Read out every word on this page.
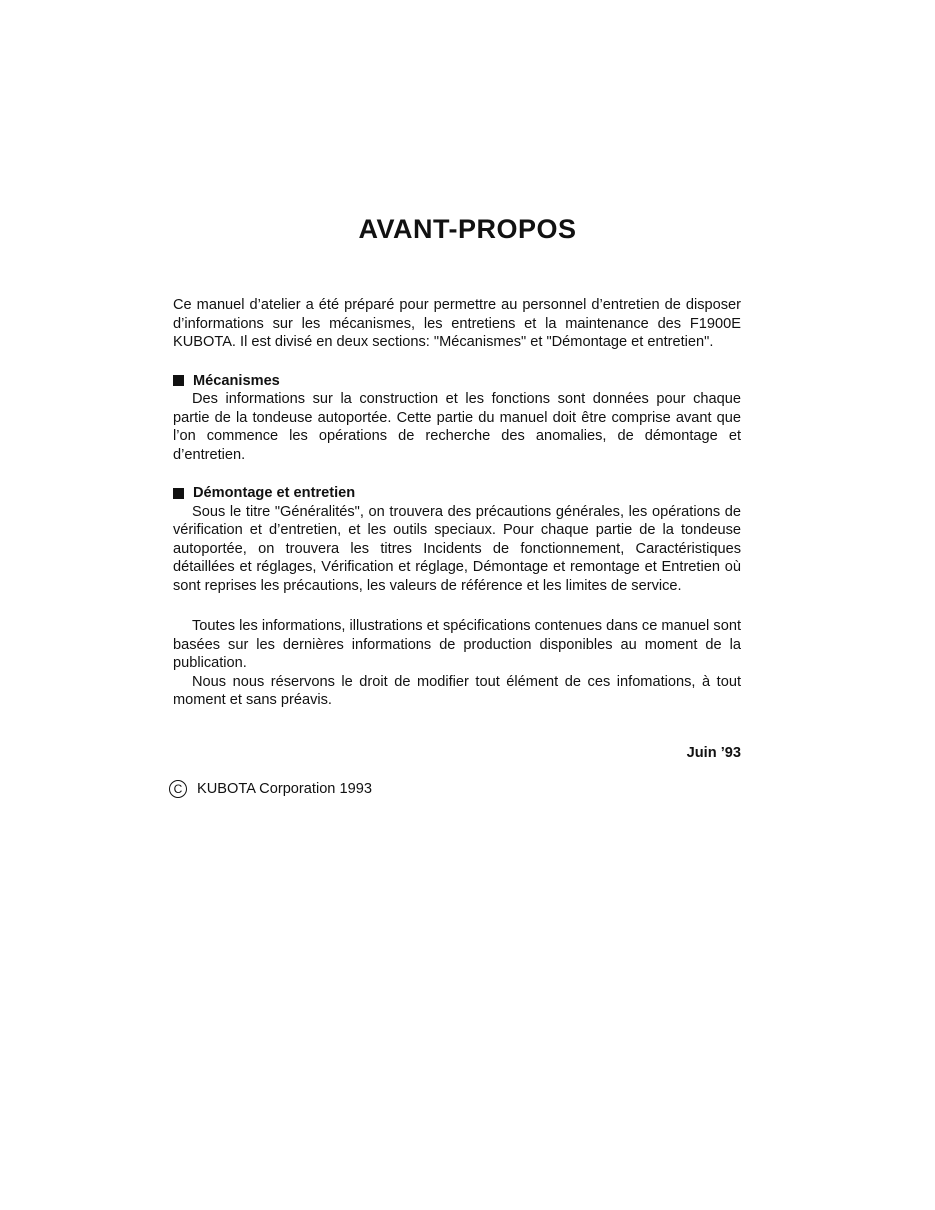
AVANT-PROPOS

Ce manuel d’atelier a été préparé pour permettre au personnel d’entretien de disposer d’informations sur les mécanismes, les entretiens et la maintenance des F1900E KUBOTA. Il est divisé en deux sections: "Mécanismes" et "Démontage et entretien".

Mécanismes

Des informations sur la construction et les fonctions sont données pour chaque partie de la tondeuse autoportée. Cette partie du manuel doit être comprise avant que l’on commence les opérations de recherche des anomalies, de démontage et d’entretien.

Démontage et entretien

Sous le titre "Généralités", on trouvera des précautions générales, les opérations de vérification et d’entretien, et les outils speciaux. Pour chaque partie de la tondeuse autoportée, on trouvera les titres Incidents de fonctionnement, Caractéristiques détaillées et réglages, Vérification et réglage, Démontage et remontage et Entretien où sont reprises les précautions, les valeurs de référence et les limites de service.

Toutes les informations, illustrations et spécifications contenues dans ce manuel sont basées sur les dernières informations de production disponibles au moment de la publication.

Nous nous réservons le droit de modifier tout élément de ces infomations, à tout moment et sans préavis.

Juin ’93

C	KUBOTA Corporation 1993
